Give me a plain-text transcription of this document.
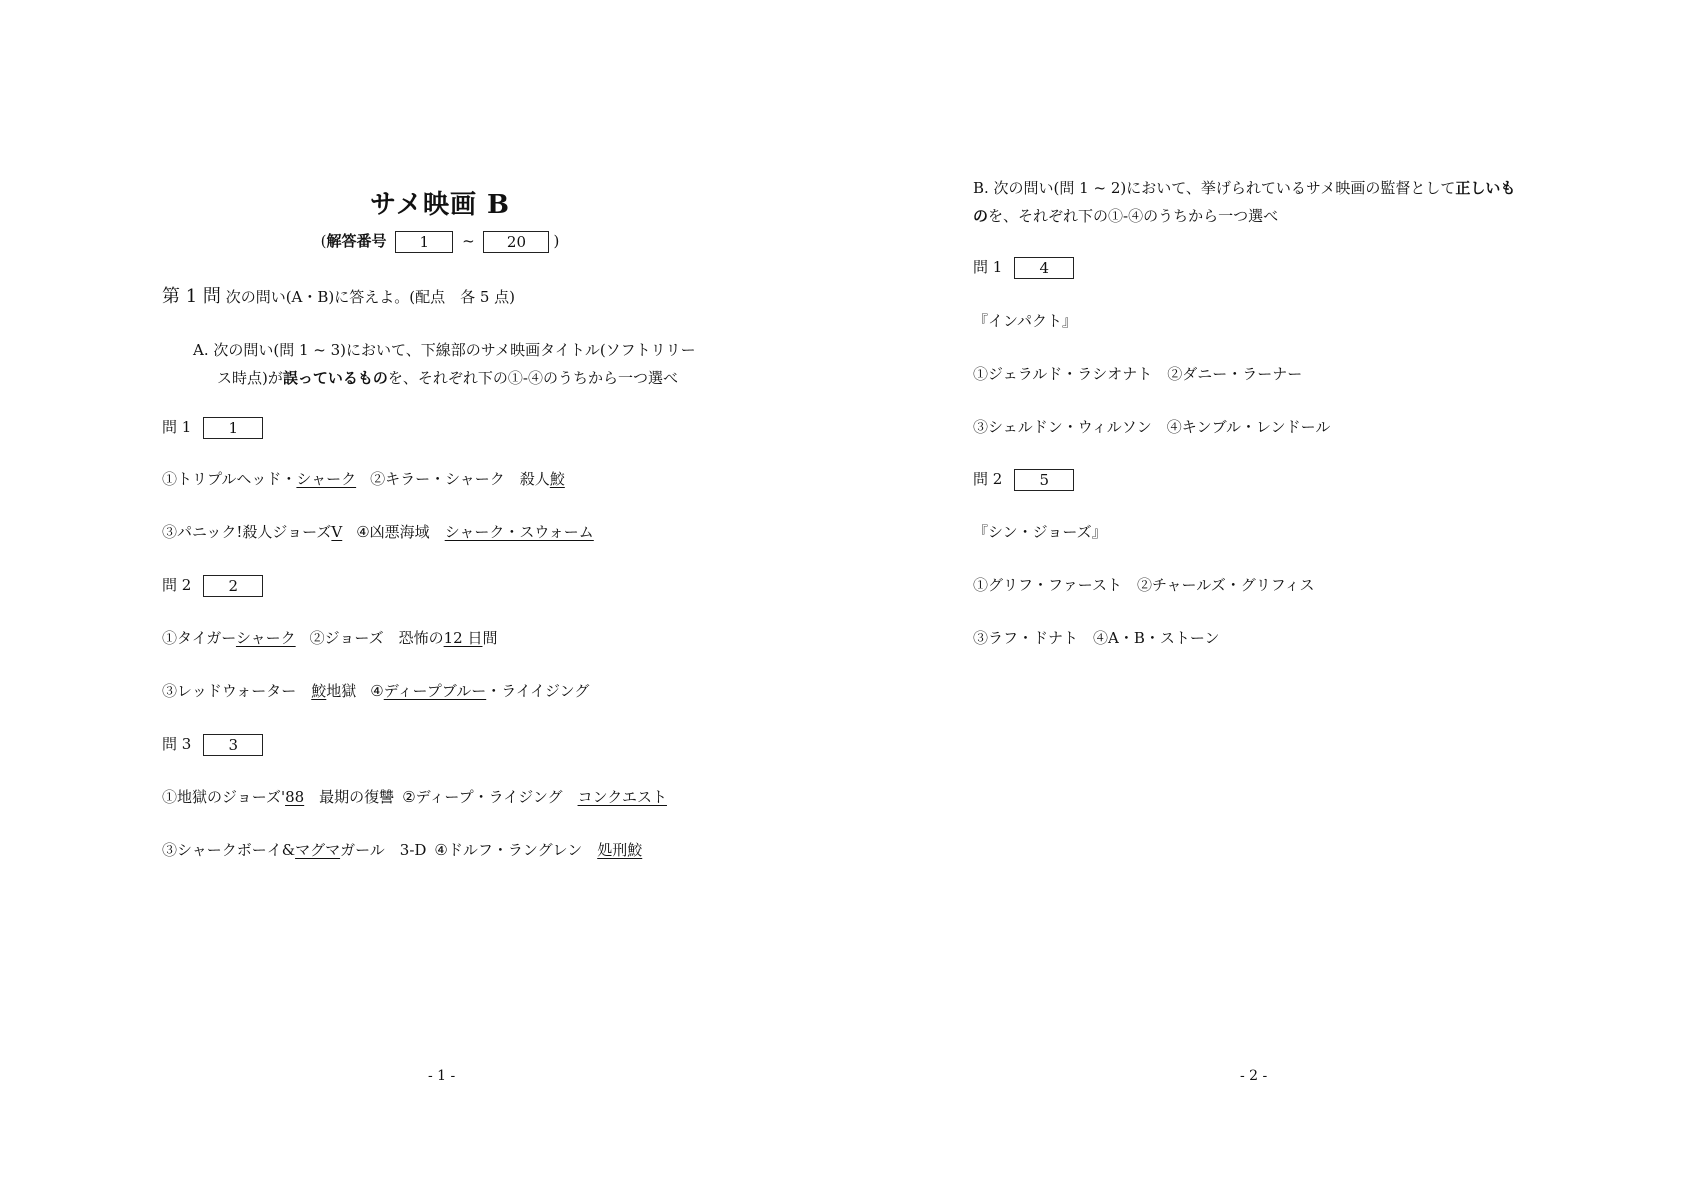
サメ映画 B
(解答番号 1 ~ 20 )
第 1 問 次の問い(A・B)に答えよ。(配点　各 5 点)
A. 次の問い(問 1 ~ 3)において、下線部のサメ映画タイトル(ソフトリリー
ス時点)が誤っているものを、それぞれ下の①-④のうちから一つ選べ
問 1 1
①トリプルヘッド・シャーク ②キラー・シャーク　殺人鮫
③パニック!殺人ジョーズV ④凶悪海域　シャーク・スウォーム
問 2 2
①タイガーシャーク ②ジョーズ　恐怖の12 日間
③レッドウォーター　鮫地獄 ④ディープブルー・ライイジング
問 3 3
①地獄のジョーズ'88　最期の復讐 ②ディープ・ライジング　コンクエスト
③シャークボーイ&マグマガール　3-D ④ドルフ・ラングレン　処刑鮫
- 1 -
B. 次の問い(問 1 ~ 2)において、挙げられているサメ映画の監督として正しいも
のを、それぞれ下の①-④のうちから一つ選べ
問 1 4
『インパクト』
①ジェラルド・ラシオナト　②ダニー・ラーナー
③シェルドン・ウィルソン　④キンブル・レンドール
問 2 5
『シン・ジョーズ』
①グリフ・ファースト　②チャールズ・グリフィス
③ラフ・ドナト　④A・B・ストーン
- 2 -
